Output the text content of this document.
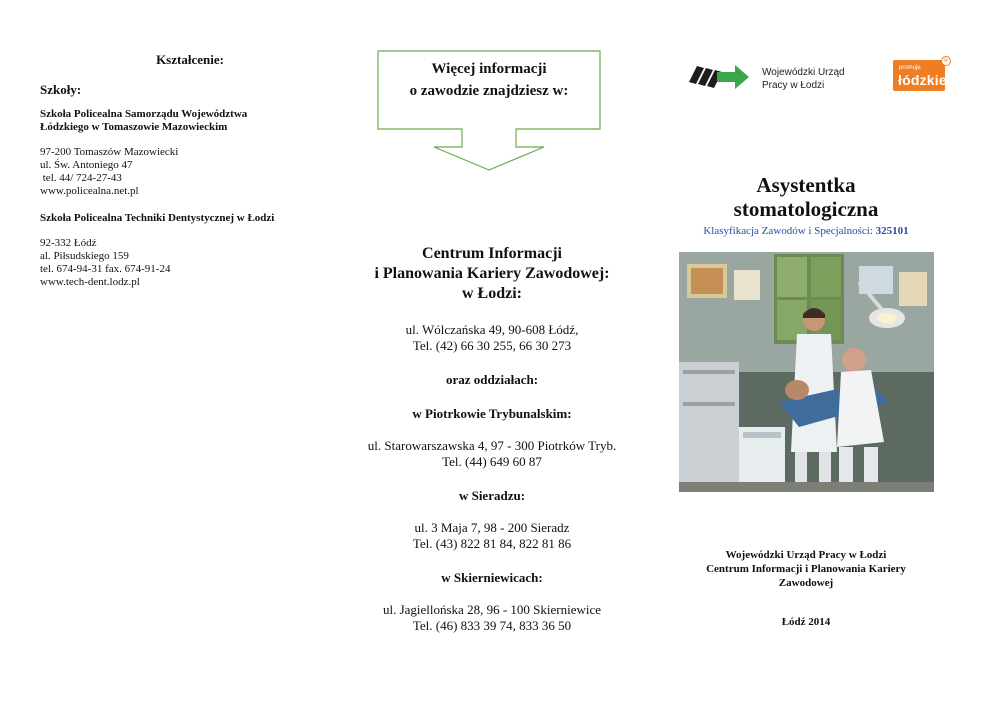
Kształcenie:
Szkoły:
Szkoła Policealna Samorządu Województwa
Łódzkiego w Tomaszowie Mazowieckim
97-200 Tomaszów Mazowiecki
ul. Św. Antoniego 47
tel. 44/ 724-27-43
www.policealna.net.pl
Szkoła Policealna Techniki Dentystycznej w Łodzi
92-332 Łódź
al. Piłsudskiego 159
tel. 674-94-31 fax. 674-91-24
www.tech-dent.lodz.pl
Więcej informacji
o zawodzie znajdziesz w:
Centrum Informacji
i Planowania Kariery Zawodowej:
w Łodzi:
ul. Wólczańska 49, 90-608 Łódź,
Tel. (42) 66 30 255, 66 30 273
oraz oddziałach:
w Piotrkowie Trybunalskim:
ul. Starowarszawska 4, 97 - 300 Piotrków Tryb.
Tel. (44) 649 60 87
w Sieradzu:
ul. 3 Maja 7, 98 - 200 Sieradz
Tel. (43) 822 81 84, 822 81 86
w Skierniewicach:
ul. Jagiellońska 28, 96 - 100 Skierniewice
Tel. (46) 833 39 74, 833 36 50
Wojewódzki Urząd
Pracy w Łodzi
promuje
łódzkie
R
Asystentka
stomatologiczna
Klasyfikacja Zawodów i Specjalności: 325101
Wojewódzki Urząd Pracy w Łodzi
Centrum Informacji i Planowania Kariery
Zawodowej
Łódź 2014
